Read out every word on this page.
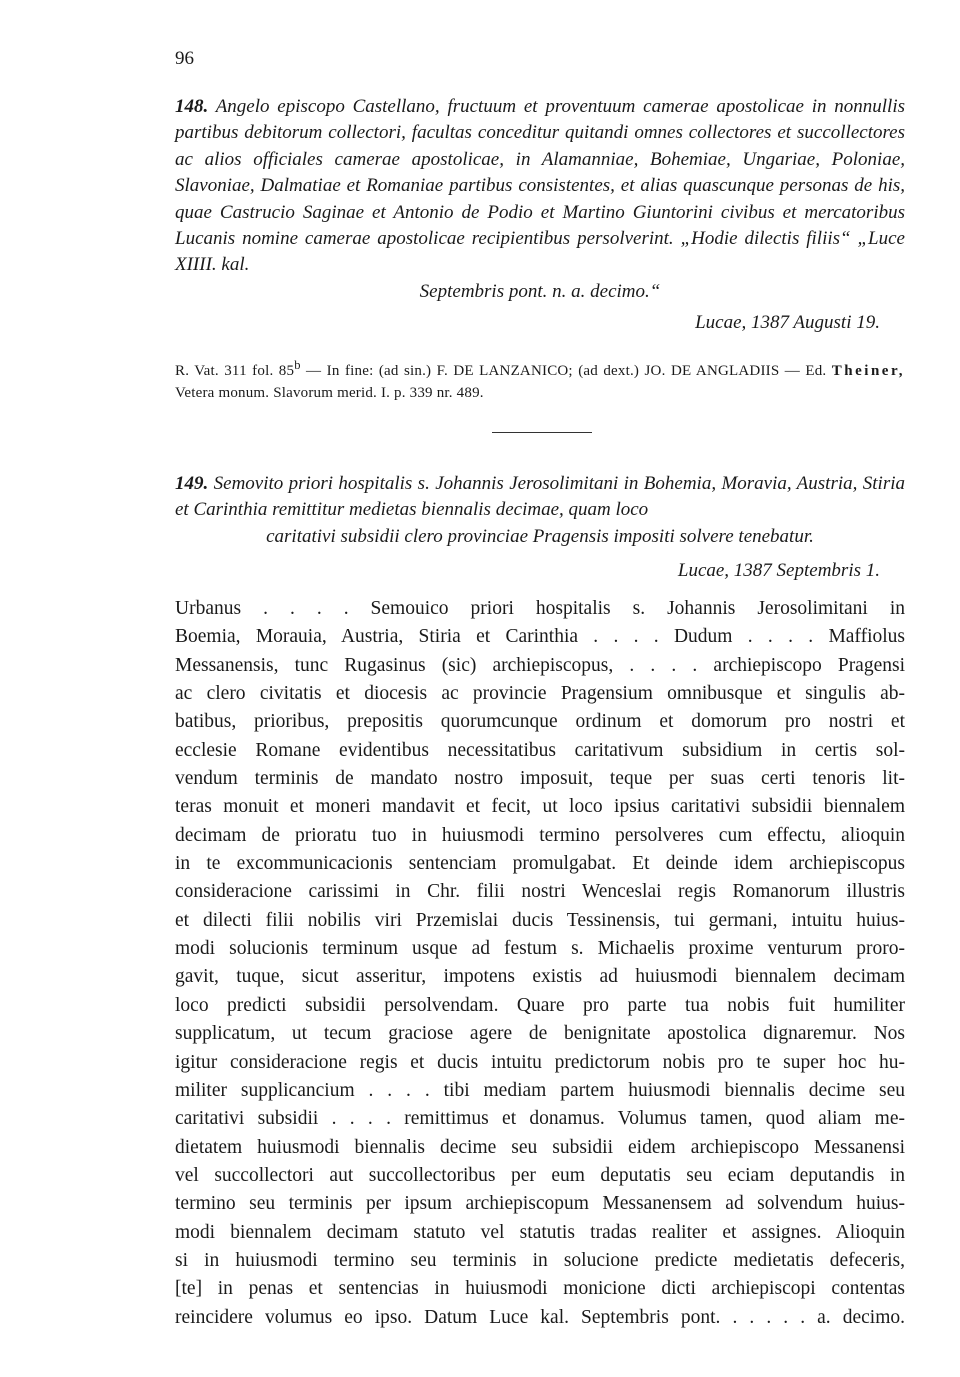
96
148. Angelo episcopo Castellano, fructuum et proventuum camerae apostolicae in nonnullis partibus debitorum collectori, facultas conceditur quitandi omnes collectores et succollectores ac alios officiales camerae apostolicae, in Alamanniae, Bohemiae, Ungariae, Poloniae, Slavoniae, Dalmatiae et Romaniae partibus consistentes, et alias quascunque personas de his, quae Castrucio Saginae et Antonio de Podio et Martino Giuntorini civibus et mercatoribus Lucanis nomine camerae apostolicae recipientibus persolverint. „Hodie dilectis filiis“ „Luce XIIII. kal.
Septembris pont. n. a. decimo.“
Lucae, 1387 Augusti 19.
R. Vat. 311 fol. 85$^b$ — In fine: (ad sin.) F. DE LANZANICO; (ad dext.) JO. DE ANGLADIIS — Ed. Theiner, Vetera monum. Slavorum merid. I. p. 339 nr. 489.
149. Semovito priori hospitalis s. Johannis Jerosolimitani in Bohemia, Moravia, Austria, Stiria et Carinthia remittitur medietas biennalis decimae, quam loco
caritativi subsidii clero provinciae Pragensis impositi solvere tenebatur.
Lucae, 1387 Septembris 1.
Urbanus . . . . Semouico priori hospitalis s. Johannis Jerosolimitani in
Boemia, Morauia, Austria, Stiria et Carinthia . . . . Dudum . . . . Maffiolus
Messanensis, tunc Rugasinus (sic) archiepiscopus, . . . . archiepiscopo Pragensi
ac clero civitatis et diocesis ac provincie Pragensium omnibusque et singulis ab-
batibus, prioribus, prepositis quorumcunque ordinum et domorum pro nostri et
ecclesie Romane evidentibus necessitatibus caritativum subsidium in certis sol-
vendum terminis de mandato nostro imposuit, teque per suas certi tenoris lit-
teras monuit et moneri mandavit et fecit, ut loco ipsius caritativi subsidii biennalem
decimam de prioratu tuo in huiusmodi termino persolveres cum effectu, alioquin
in te excommunicacionis sentenciam promulgabat. Et deinde idem archiepiscopus
consideracione carissimi in Chr. filii nostri Wenceslai regis Romanorum illustris
et dilecti filii nobilis viri Przemislai ducis Tessinensis, tui germani, intuitu huius-
modi solucionis terminum usque ad festum s. Michaelis proxime venturum proro-
gavit, tuque, sicut asseritur, impotens existis ad huiusmodi biennalem decimam
loco predicti subsidii persolvendam. Quare pro parte tua nobis fuit humiliter
supplicatum, ut tecum graciose agere de benignitate apostolica dignaremur. Nos
igitur consideracione regis et ducis intuitu predictorum nobis pro te super hoc hu-
militer supplicancium . . . . tibi mediam partem huiusmodi biennalis decime seu
caritativi subsidii . . . . remittimus et donamus. Volumus tamen, quod aliam me-
dietatem huiusmodi biennalis decime seu subsidii eidem archiepiscopo Messanensi
vel succollectori aut succollectoribus per eum deputatis seu eciam deputandis in
termino seu terminis per ipsum archiepiscopum Messanensem ad solvendum huius-
modi biennalem decimam statuto vel statutis tradas realiter et assignes. Alioquin
si in huiusmodi termino seu terminis in solucione predicte medietatis defeceris,
[te] in penas et sentencias in huiusmodi monicione dicti archiepiscopi contentas
reincidere volumus eo ipso. Datum Luce kal. Septembris pont. . . . . . a. decimo.
